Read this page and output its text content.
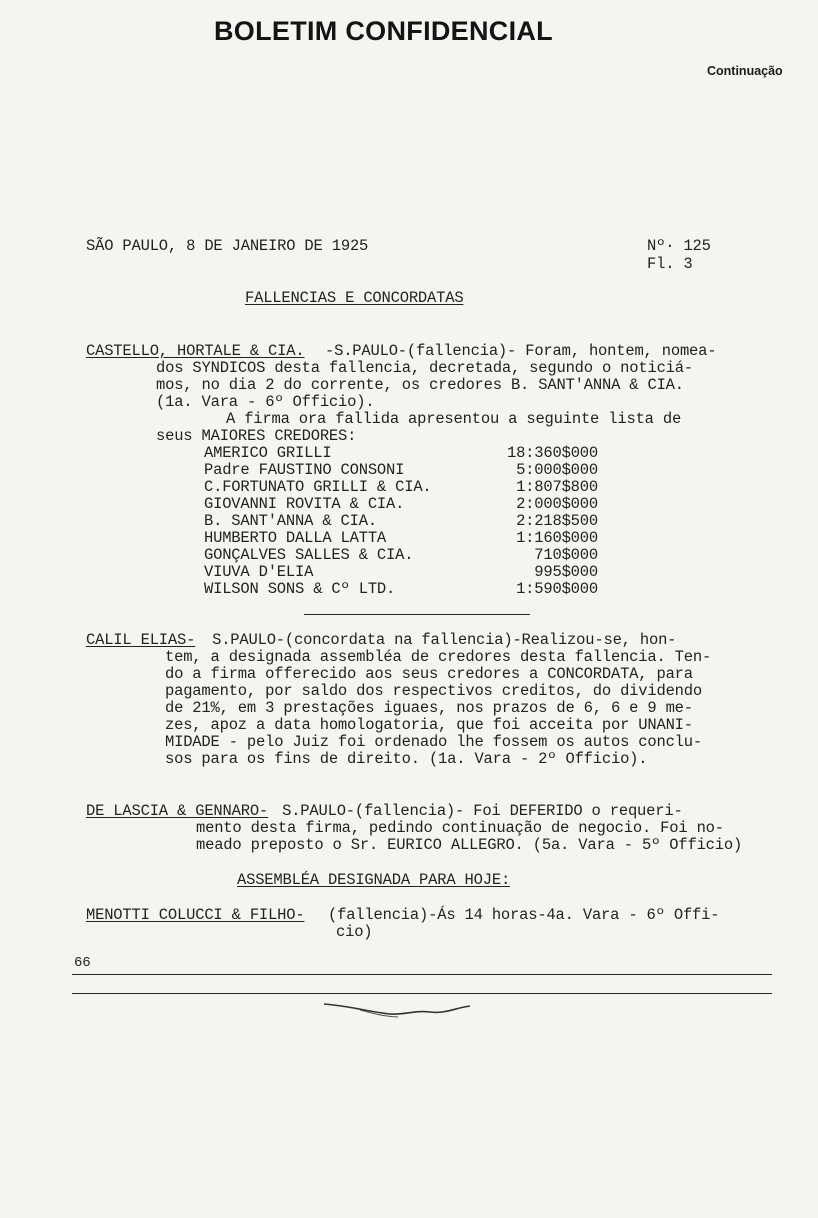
BOLETIM CONFIDENCIAL
Continuação
SÃO PAULO, 8 DE JANEIRO DE 1925	Nº· 125
Fl. 3
FALLENCIAS E CONCORDATAS
CASTELLO, HORTALE & CIA. -S.PAULO-(fallencia)- Foram, hontem, nomea-
dos SYNDICOS desta fallencia, decretada, segundo o noticiá-
mos, no dia 2 do corrente, os credores B. SANT'ANNA & CIA.
(1a. Vara - 6º Officio).
A firma ora fallida apresentou a seguinte lista de
seus MAIORES CREDORES:
AMERICO GRILLI	18:360$000
Padre FAUSTINO CONSONI	5:000$000
C.FORTUNATO GRILLI & CIA.	1:807$800
GIOVANNI ROVITA & CIA.	2:000$000
B. SANT'ANNA & CIA.	2:218$500
HUMBERTO DALLA LATTA	1:160$000
GONÇALVES SALLES & CIA.	710$000
VIUVA D'ELIA	995$000
WILSON SONS & Cº LTD.	1:590$000
CALIL ELIAS- S.PAULO-(concordata na fallencia)-Realizou-se, hon-
tem, a designada assembléa de credores desta fallencia. Ten-
do a firma offerecido aos seus credores a CONCORDATA, para
pagamento, por saldo dos respectivos creditos, do dividendo
de 21%, em 3 prestações iguaes, nos prazos de 6, 6 e 9 me-
zes, apoz a data homologatoria, que foi acceita por UNANI-
MIDADE - pelo Juiz foi ordenado lhe fossem os autos conclu-
sos para os fins de direito. (1a. Vara - 2º Officio).
DE LASCIA & GENNARO- S.PAULO-(fallencia)- Foi DEFERIDO o requeri-
mento desta firma, pedindo continuação de negocio. Foi no-
meado preposto o Sr. EURICO ALLEGRO. (5a. Vara - 5º Officio)
ASSEMBLÉA DESIGNADA PARA HOJE:
MENOTTI COLUCCI & FILHO- (fallencia)-Ás 14 horas-4a. Vara - 6º Offi-
cio)
66
